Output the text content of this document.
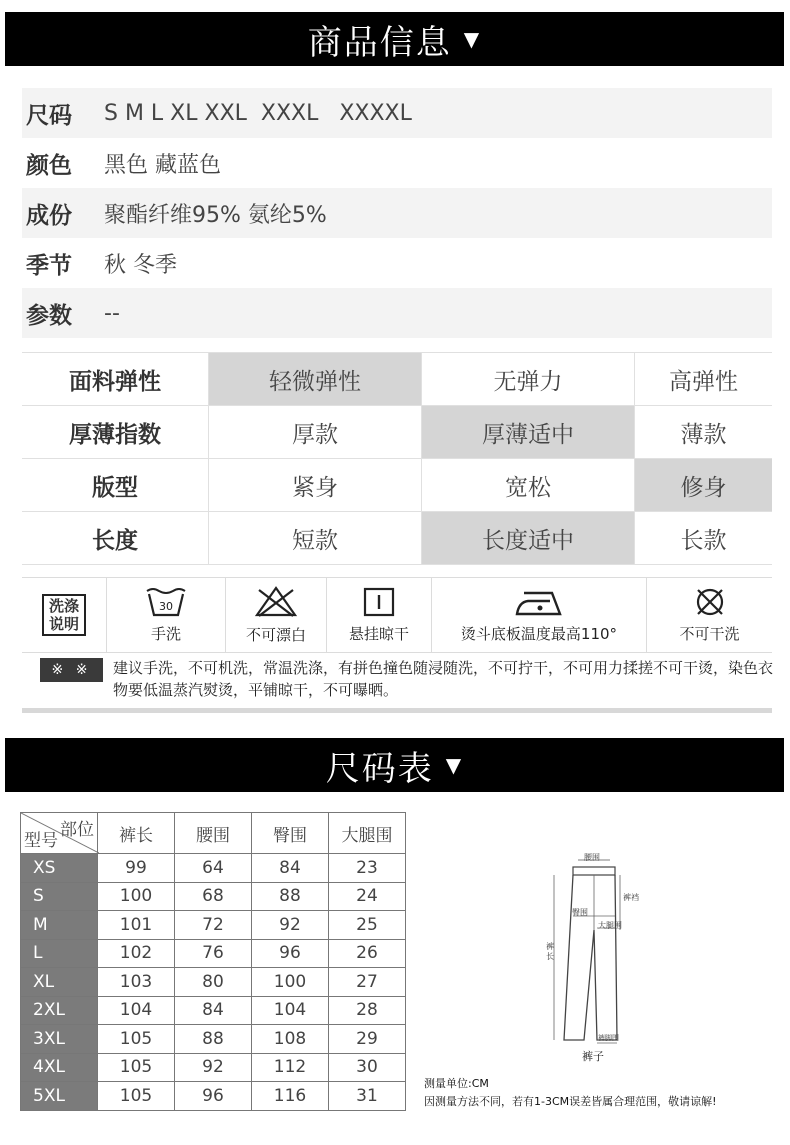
商品信息 ▼
尺码	S M L XL XXL  XXXL   XXXXL
颜色	黑色 藏蓝色
成份	聚酯纤维95% 氨纶5%
季节	秋 冬季
参数	--
面料弹性	轻微弹性	无弹力	高弹性
厚薄指数	厚款	厚薄适中	薄款
版型	紧身	宽松	修身
长度	短款	长度适中	长款
洗涤说明
30
手洗	不可漂白	悬挂晾干	烫斗底板温度最高110°	不可干洗
※ ※	建议手洗，不可机洗，常温洗涤，有拼色撞色随浸随洗，不可拧干，不可用力揉搓不可干烫，染色衣物要低温蒸汽熨烫，平铺晾干，不可曝晒。
尺码表 ▼
部位
型号	裤长	腰围	臀围	大腿围
XS	99	64	84	23
S	100	68	88	24
M	101	72	92	25
L	102	76	96	26
XL	103	80	100	27
2XL	104	84	104	28
3XL	105	88	108	29
4XL	105	92	112	30
5XL	105	96	116	31
腰围
裤裆
臀围
大腿围
裤长
裤脚围
裤子
测量单位:CM
因测量方法不同，若有1-3CM误差皆属合理范围，敬请谅解!
